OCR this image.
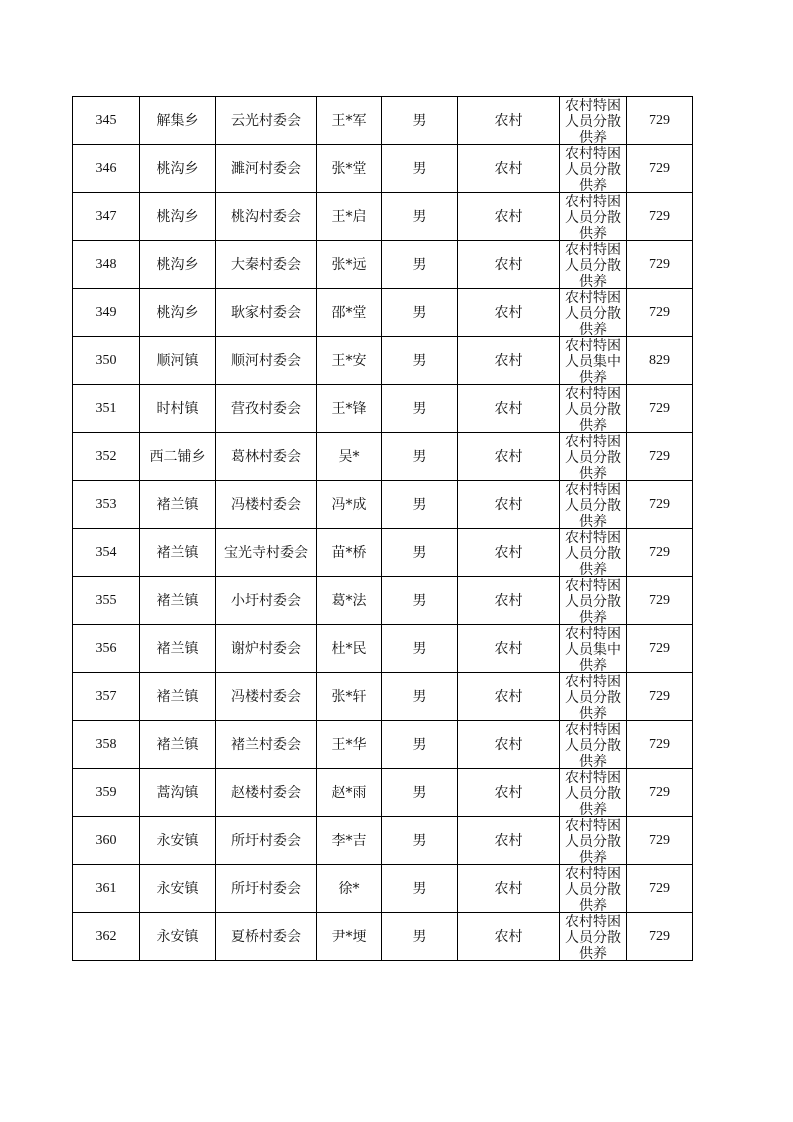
345	解集乡	云光村委会	王*军	男	农村	农村特困人员分散供养	729
346	桃沟乡	濉河村委会	张*堂	男	农村	农村特困人员分散供养	729
347	桃沟乡	桃沟村委会	王*启	男	农村	农村特困人员分散供养	729
348	桃沟乡	大秦村委会	张*远	男	农村	农村特困人员分散供养	729
349	桃沟乡	耿家村委会	邵*堂	男	农村	农村特困人员分散供养	729
350	顺河镇	顺河村委会	王*安	男	农村	农村特困人员集中供养	829
351	时村镇	营孜村委会	王*锋	男	农村	农村特困人员分散供养	729
352	西二铺乡	葛林村委会	吴*	男	农村	农村特困人员分散供养	729
353	褚兰镇	冯楼村委会	冯*成	男	农村	农村特困人员分散供养	729
354	褚兰镇	宝光寺村委会	苗*桥	男	农村	农村特困人员分散供养	729
355	褚兰镇	小圩村委会	葛*法	男	农村	农村特困人员分散供养	729
356	褚兰镇	谢炉村委会	杜*民	男	农村	农村特困人员集中供养	729
357	褚兰镇	冯楼村委会	张*轩	男	农村	农村特困人员分散供养	729
358	褚兰镇	褚兰村委会	王*华	男	农村	农村特困人员分散供养	729
359	蒿沟镇	赵楼村委会	赵*雨	男	农村	农村特困人员分散供养	729
360	永安镇	所圩村委会	李*吉	男	农村	农村特困人员分散供养	729
361	永安镇	所圩村委会	徐*	男	农村	农村特困人员分散供养	729
362	永安镇	夏桥村委会	尹*埂	男	农村	农村特困人员分散供养	729
